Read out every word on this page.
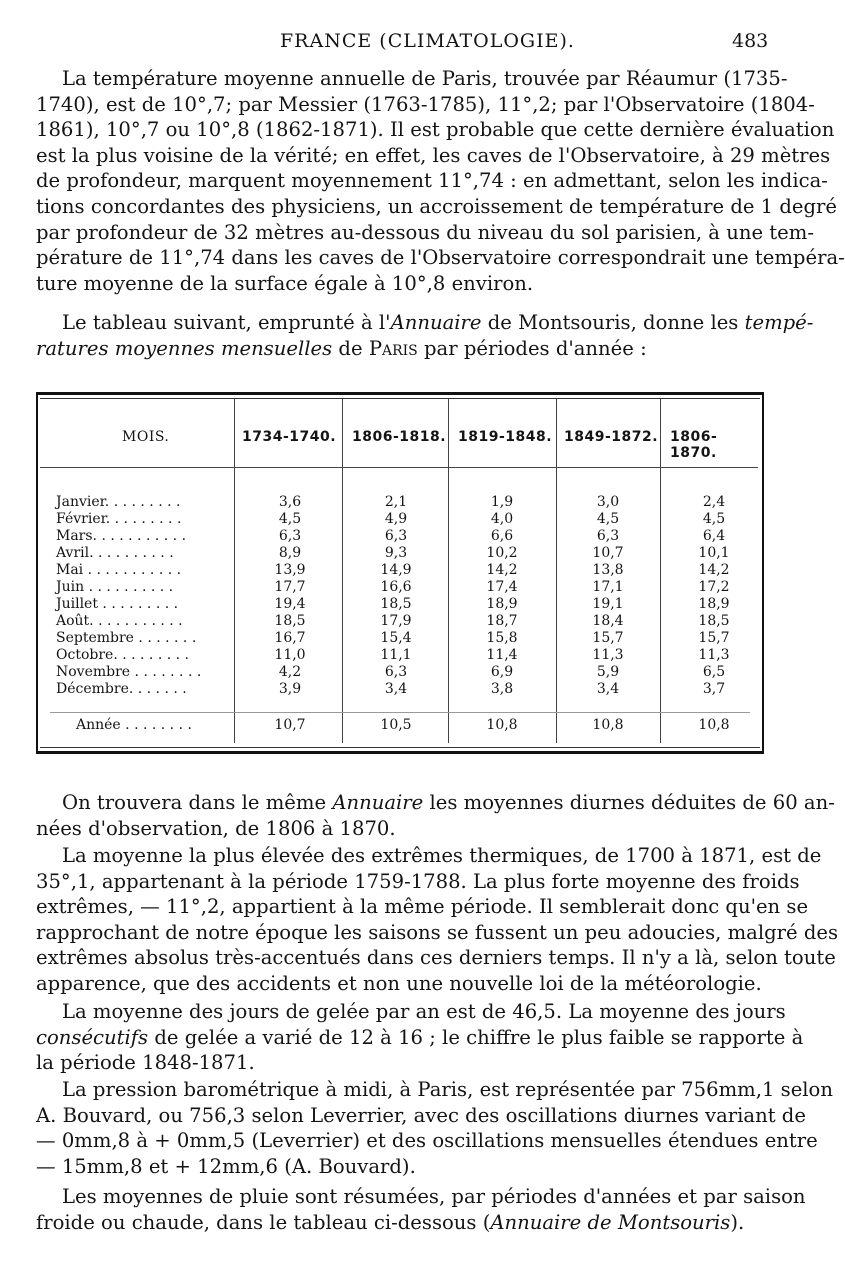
FRANCE (CLIMATOLOGIE).	483
La température moyenne annuelle de Paris, trouvée par Réaumur (1735-
1740), est de 10°,7; par Messier (1763-1785), 11°,2; par l'Observatoire (1804-
1861), 10°,7 ou 10°,8 (1862-1871). Il est probable que cette dernière évaluation
est la plus voisine de la vérité; en effet, les caves de l'Observatoire, à 29 mètres
de profondeur, marquent moyennement 11°,74 : en admettant, selon les indica-
tions concordantes des physiciens, un accroissement de température de 1 degré
par profondeur de 32 mètres au-dessous du niveau du sol parisien, à une tem-
pérature de 11°,74 dans les caves de l'Observatoire correspondrait une tempéra-
ture moyenne de la surface égale à 10°,8 environ.
Le tableau suivant, emprunté à l'Annuaire de Montsouris, donne les tempé-
ratures moyennes mensuelles de Paris par périodes d'année :
MOIS.	1734-1740. 1806-1818. 1819-1848. 1849-1872. 1806-1870.
Janvier. . . . . . . . .	3,6	2,1	1,9	3,0	2,4
Février. . . . . . . . .	4,5	4,9	4,0	4,5	4,5
Mars. . . . . . . . . . .	6,3	6,3	6,6	6,3	6,4
Avril. . . . . . . . . .	8,9	9,3	10,2	10,7	10,1
Mai . . . . . . . . . . .	13,9	14,9	14,2	13,8	14,2
Juin . . . . . . . . . .	17,7	16,6	17,4	17,1	17,2
Juillet . . . . . . . . .	19,4	18,5	18,9	19,1	18,9
Août. . . . . . . . . . .	18,5	17,9	18,7	18,4	18,5
Septembre . . . . . . .	16,7	15,4	15,8	15,7	15,7
Octobre. . . . . . . . .	11,0	11,1	11,4	11,3	11,3
Novembre . . . . . . . .	4,2	6,3	6,9	5,9	6,5
Décembre. . . . . . .	3,9	3,4	3,8	3,4	3,7
Année . . . . . . . .	10,7	10,5	10,8	10,8	10,8
On trouvera dans le même Annuaire les moyennes diurnes déduites de 60 an-
nées d'observation, de 1806 à 1870.
La moyenne la plus élevée des extrêmes thermiques, de 1700 à 1871, est de
35°,1, appartenant à la période 1759-1788. La plus forte moyenne des froids
extrêmes, — 11°,2, appartient à la même période. Il semblerait donc qu'en se
rapprochant de notre époque les saisons se fussent un peu adoucies, malgré des
extrêmes absolus très-accentués dans ces derniers temps. Il n'y a là, selon toute
apparence, que des accidents et non une nouvelle loi de la météorologie.
La moyenne des jours de gelée par an est de 46,5. La moyenne des jours
consécutifs de gelée a varié de 12 à 16 ; le chiffre le plus faible se rapporte à
la période 1848-1871.
La pression barométrique à midi, à Paris, est représentée par 756mm,1 selon
A. Bouvard, ou 756,3 selon Leverrier, avec des oscillations diurnes variant de
— 0mm,8 à + 0mm,5 (Leverrier) et des oscillations mensuelles étendues entre
— 15mm,8 et + 12mm,6 (A. Bouvard).
Les moyennes de pluie sont résumées, par périodes d'années et par saison
froide ou chaude, dans le tableau ci-dessous (Annuaire de Montsouris).
